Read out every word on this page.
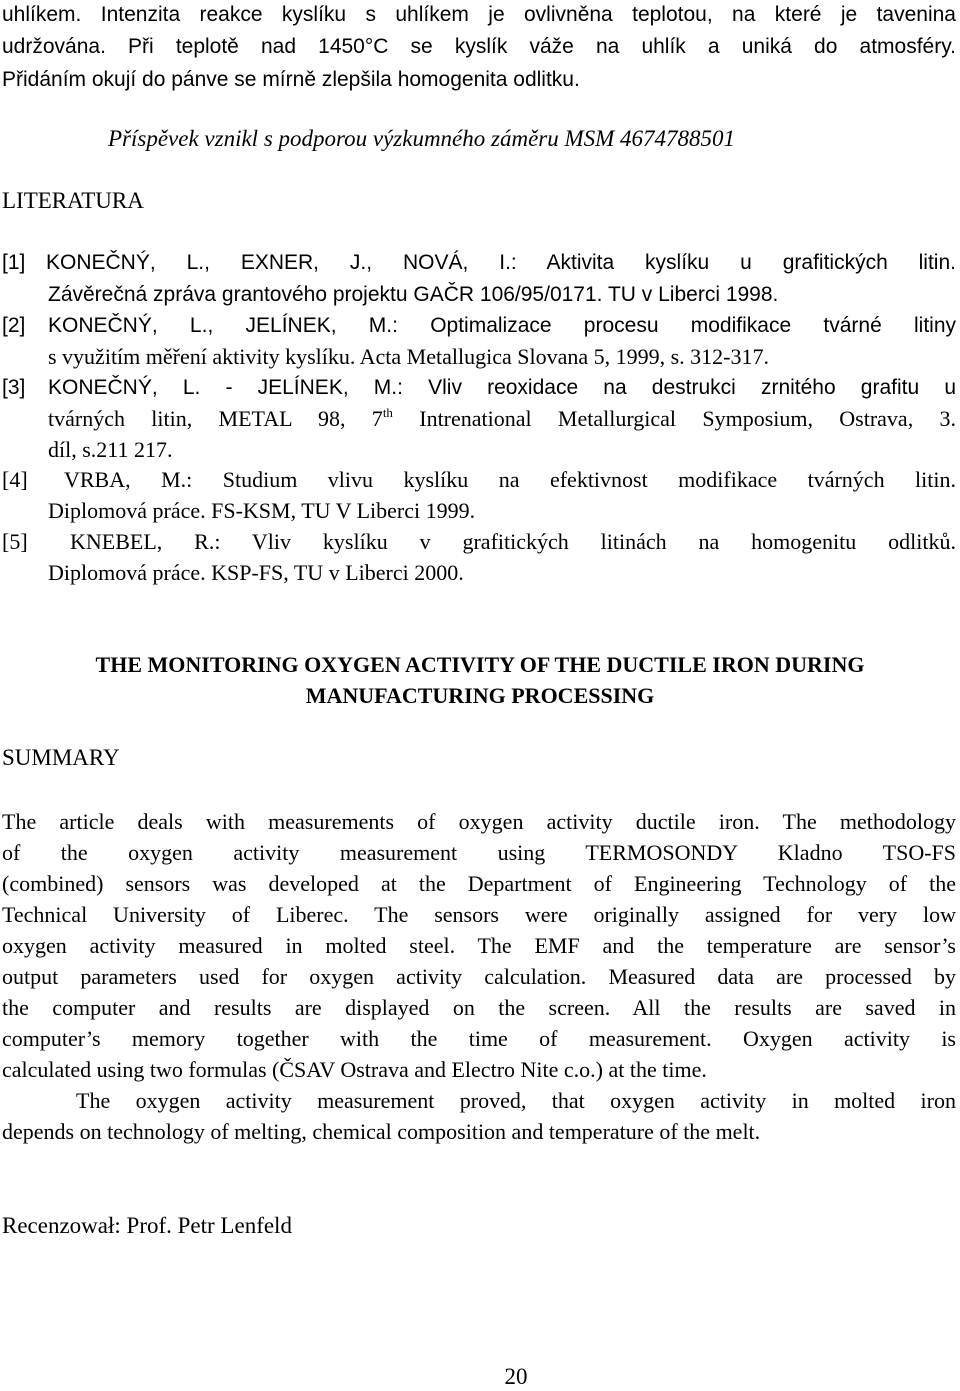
uhlíkem. Intenzita reakce kyslíku s uhlíkem je ovlivněna teplotou, na které je tavenina
udržována. Při teplotě nad 1450°C se kyslík váže na uhlík a uniká do atmosféry.
Přidáním okují do pánve se mírně zlepšila homogenita odlitku.
Příspěvek vznikl s podporou výzkumného záměru MSM 4674788501
LITERATURA
[1] KONEČNÝ, L., EXNER, J., NOVÁ, I.: Aktivita kyslíku u grafitických litin.
Závěrečná zpráva grantového projektu GAČR 106/95/0171. TU v Liberci 1998.
[2] KONEČNÝ, L., JELÍNEK, M.: Optimalizace procesu modifikace tvárné litiny
s využitím měření aktivity kyslíku. Acta Metallugica Slovana 5, 1999, s. 312-317.
[3] KONEČNÝ, L. - JELÍNEK, M.: Vliv reoxidace na destrukci zrnitého grafitu u
tvárných litin, METAL 98, 7th Intrenational Metallurgical Symposium, Ostrava, 3.
díl, s.211 217.
[4] VRBA, M.: Studium vlivu kyslíku na efektivnost modifikace tvárných litin.
Diplomová práce. FS-KSM, TU V Liberci 1999.
[5] KNEBEL, R.: Vliv kyslíku v grafitických litinách na homogenitu odlitků.
Diplomová práce. KSP-FS, TU v Liberci 2000.
THE MONITORING OXYGEN ACTIVITY OF THE DUCTILE IRON DURING
MANUFACTURING PROCESSING
SUMMARY
The article deals with measurements of oxygen activity ductile iron. The methodology
of the oxygen activity measurement using TERMOSONDY Kladno TSO-FS
(combined) sensors was developed at the Department of Engineering Technology of the
Technical University of Liberec. The sensors were originally assigned for very low
oxygen activity measured in molted steel. The EMF and the temperature are sensor’s
output parameters used for oxygen activity calculation. Measured data are processed by
the computer and results are displayed on the screen. All the results are saved in
computer’s memory together with the time of measurement. Oxygen activity is
calculated using two formulas (ČSAV Ostrava and Electro Nite c.o.) at the time.
The oxygen activity measurement proved, that oxygen activity in molted iron
depends on technology of melting, chemical composition and temperature of the melt.
Recenzował: Prof. Petr Lenfeld
20
